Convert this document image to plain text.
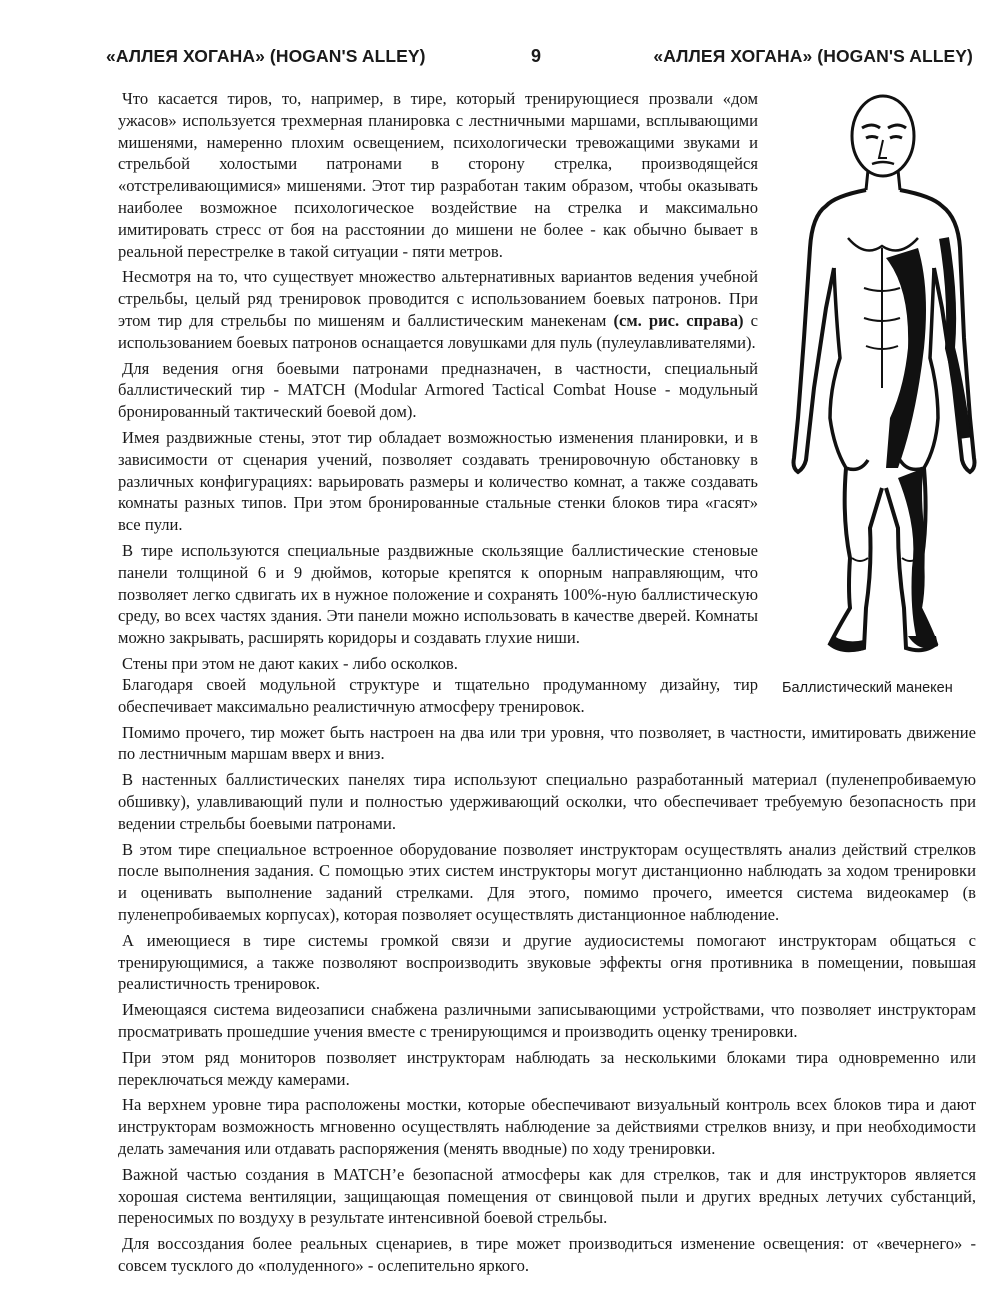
«АЛЛЕЯ ХОГАНА» (HOGAN'S ALLEY)	9	«АЛЛЕЯ ХОГАНА» (HOGAN'S ALLEY)

Что касается тиров, то, например, в тире, который тренирующиеся прозвали «дом ужасов» используется трехмерная планировка с лестничными маршами, всплывающими мишенями, намеренно плохим освещением, психологически тревожащими звуками и стрельбой холостыми патронами в сторону стрелка, производящейся «отстреливающимися» мишенями. Этот тир разработан таким образом, чтобы оказывать наиболее возможное психологическое воздействие на стрелка и максимально имитировать стресс от боя на расстоянии до мишени не более - как обычно бывает в реальной перестрелке в такой ситуации - пяти метров.

Несмотря на то, что существует множество альтернативных вариантов ведения учебной стрельбы, целый ряд тренировок проводится с использованием боевых патронов. При этом тир для стрельбы по мишеням и баллистическим манекенам (см. рис. справа) с использованием боевых патронов оснащается ловушками для пуль (пулеулавливателями).

Для ведения огня боевыми патронами предназначен, в частности, специальный баллистический тир - MATCH (Modular Armored Tactical Combat House - модульный бронированный тактический боевой дом).

Имея раздвижные стены, этот тир обладает возможностью изменения планировки, и в зависимости от сценария учений, позволяет создавать тренировочную обстановку в различных конфигурациях: варьировать размеры и количество комнат, а также создавать комнаты разных типов. При этом бронированные стальные стенки блоков тира «гасят» все пули.

В тире используются специальные раздвижные скользящие баллистические стеновые панели толщиной 6 и 9 дюймов, которые крепятся к опорным направляющим, что позволяет легко сдвигать их в нужное положение и сохранять 100%-ную баллистическую среду, во всех частях здания. Эти панели можно использовать в качестве дверей. Комнаты можно закрывать, расширять коридоры и создавать глухие ниши.

Стены при этом не дают каких - либо осколков.

Баллистический манекен

Благодаря своей модульной структуре и тщательно продуманному дизайну, тир обеспечивает максимально реалистичную атмосферу тренировок.

Помимо прочего, тир может быть настроен на два или три уровня, что позволяет, в частности, имитировать движение по лестничным маршам вверх и вниз.

В настенных баллистических панелях тира используют специально разработанный материал (пуленепробиваемую обшивку), улавливающий пули и полностью удерживающий осколки, что обеспечивает требуемую безопасность при ведении стрельбы боевыми патронами.

В этом тире специальное встроенное оборудование позволяет инструкторам осуществлять анализ действий стрелков после выполнения задания. С помощью этих систем инструкторы могут дистанционно наблюдать за ходом тренировки и оценивать выполнение заданий стрелками. Для этого, помимо прочего, имеется система видеокамер (в пуленепробиваемых корпусах), которая позволяет осуществлять дистанционное наблюдение.

А имеющиеся в тире системы громкой связи и другие аудиосистемы помогают инструкторам общаться с тренирующимися, а также позволяют воспроизводить звуковые эффекты огня противника в помещении, повышая реалистичность тренировок.

Имеющаяся система видеозаписи снабжена различными записывающими устройствами, что позволяет инструкторам просматривать прошедшие учения вместе с тренирующимся и производить оценку тренировки.

При этом ряд мониторов позволяет инструкторам наблюдать за несколькими блоками тира одновременно или переключаться между камерами.

На верхнем уровне тира расположены мостки, которые обеспечивают визуальный контроль всех блоков тира и дают инструкторам возможность мгновенно осуществлять наблюдение за действиями стрелков внизу, и при необходимости делать замечания или отдавать распоряжения (менять вводные) по ходу тренировки.

Важной частью создания в MATCH’е безопасной атмосферы как для стрелков, так и для инструкторов является хорошая система вентиляции, защищающая помещения от свинцовой пыли и других вредных летучих субстанций, переносимых по воздуху в результате интенсивной боевой стрельбы.

Для воссоздания более реальных сценариев, в тире может производиться изменение освещения: от «вечернего» - совсем тусклого до «полуденного» - ослепительно яркого.
